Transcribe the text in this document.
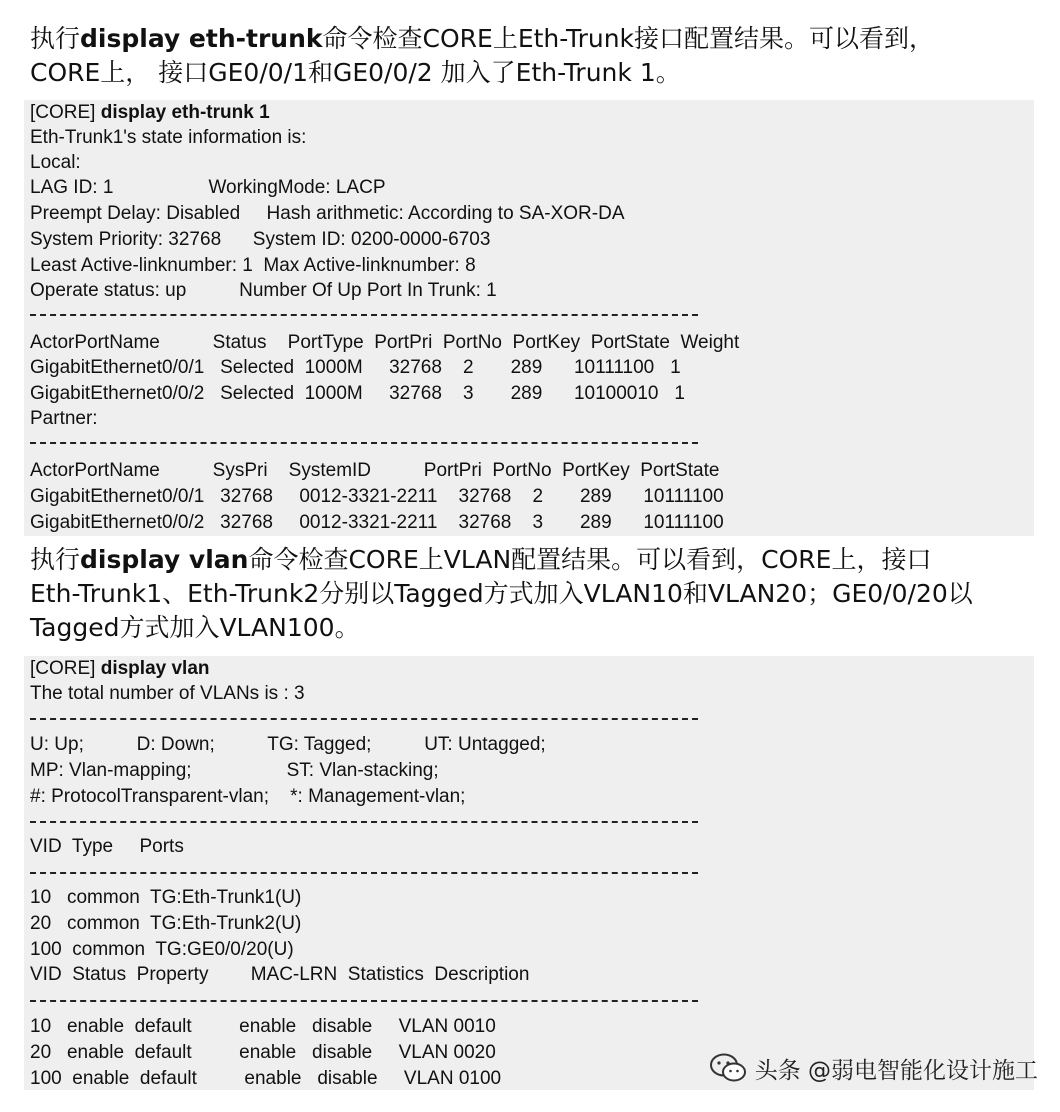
执行display eth-trunk命令检查CORE上Eth-Trunk接口配置结果。可以看到，
CORE上， 接口GE0/0/1和GE0/0/2 加入了Eth-Trunk 1。

[CORE] display eth-trunk 1
Eth-Trunk1's state information is:
Local:
LAG ID: 1                  WorkingMode: LACP
Preempt Delay: Disabled     Hash arithmetic: According to SA-XOR-DA
System Priority: 32768      System ID: 0200-0000-6703
Least Active-linknumber: 1  Max Active-linknumber: 8
Operate status: up          Number Of Up Port In Trunk: 1
ActorPortName          Status    PortType  PortPri  PortNo  PortKey  PortState  Weight
GigabitEthernet0/0/1   Selected  1000M     32768    2       289      10111100   1
GigabitEthernet0/0/2   Selected  1000M     32768    3       289      10100010   1
Partner:
ActorPortName          SysPri    SystemID          PortPri  PortNo  PortKey  PortState
GigabitEthernet0/0/1   32768     0012-3321-2211    32768    2       289      10111100
GigabitEthernet0/0/2   32768     0012-3321-2211    32768    3       289      10111100

执行display vlan命令检查CORE上VLAN配置结果。可以看到，CORE上，接口
Eth-Trunk1、Eth-Trunk2分别以Tagged方式加入VLAN10和VLAN20；GE0/0/20以
Tagged方式加入VLAN100。

[CORE] display vlan
The total number of VLANs is : 3
U: Up;          D: Down;          TG: Tagged;          UT: Untagged;
MP: Vlan-mapping;                  ST: Vlan-stacking;
#: ProtocolTransparent-vlan;    *: Management-vlan;
VID  Type     Ports
10   common  TG:Eth-Trunk1(U)
20   common  TG:Eth-Trunk2(U)
100  common  TG:GE0/0/20(U)
VID  Status  Property        MAC-LRN  Statistics  Description
10   enable  default         enable   disable     VLAN 0010
20   enable  default         enable   disable     VLAN 0020
100  enable  default         enable   disable     VLAN 0100	头条 @弱电智能化设计施工
